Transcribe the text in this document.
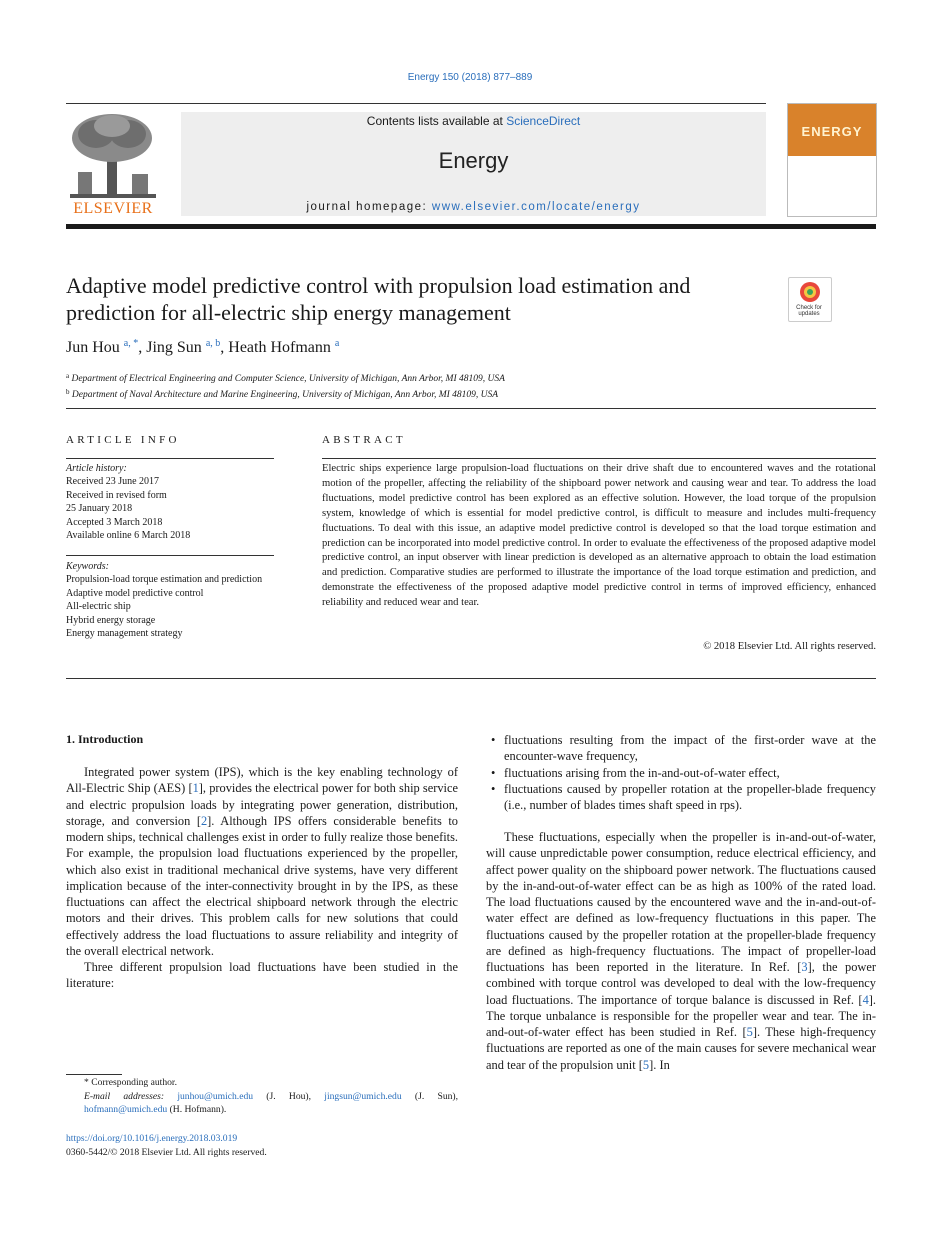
Energy 150 (2018) 877–889
ELSEVIER
Contents lists available at ScienceDirect
Energy
journal homepage: www.elsevier.com/locate/energy
ENERGY
Adaptive model predictive control with propulsion load estimation and prediction for all-electric ship energy management	Check for updates
Jun Hou $^{a, *}$, Jing Sun $^{a, b}$, Heath Hofmann $^a$
$^a$ Department of Electrical Engineering and Computer Science, University of Michigan, Ann Arbor, MI 48109, USA
$^b$ Department of Naval Architecture and Marine Engineering, University of Michigan, Ann Arbor, MI 48109, USA
ARTICLE INFO	ABSTRACT
Article history:
Received 23 June 2017
Received in revised form
25 January 2018
Accepted 3 March 2018
Available online 6 March 2018
Keywords:
Propulsion-load torque estimation and prediction
Adaptive model predictive control
All-electric ship
Hybrid energy storage
Energy management strategy
Electric ships experience large propulsion-load fluctuations on their drive shaft due to encountered waves and the rotational motion of the propeller, affecting the reliability of the shipboard power network and causing wear and tear. To address the load fluctuations, model predictive control has been explored as an effective solution. However, the load torque of the propulsion system, knowledge of which is essential for model predictive control, is difficult to measure and includes multi-frequency fluctuations. To deal with this issue, an adaptive model predictive control is developed so that the load torque estimation and prediction can be incorporated into model predictive control. In order to evaluate the effectiveness of the proposed adaptive model predictive control, an input observer with linear prediction is developed as an alternative approach to obtain the load estimation and prediction. Comparative studies are performed to illustrate the importance of the load torque estimation and prediction, and demonstrate the effectiveness of the proposed adaptive model predictive control in terms of improved efficiency, enhanced reliability and reduced wear and tear.
© 2018 Elsevier Ltd. All rights reserved.
1. Introduction

Integrated power system (IPS), which is the key enabling technology of All-Electric Ship (AES) [1], provides the electrical power for both ship service and electric propulsion loads by integrating power generation, distribution, storage, and conversion [2]. Although IPS offers considerable benefits to modern ships, technical challenges exist in order to fully realize those benefits. For example, the propulsion load fluctuations experienced by the propeller, which also exist in traditional mechanical drive systems, have very different implication because of the inter-connectivity brought in by the IPS, as these fluctuations can affect the electrical shipboard network through the electric motors and their drives. This problem calls for new solutions that could effectively address the load fluctuations to assure reliability and integrity of the overall electrical network.

Three different propulsion load fluctuations have been studied in the literature:

• fluctuations resulting from the impact of the first-order wave at the encounter-wave frequency,
• fluctuations arising from the in-and-out-of-water effect,
• fluctuations caused by propeller rotation at the propeller-blade frequency (i.e., number of blades times shaft speed in rps).

These fluctuations, especially when the propeller is in-and-out-of-water, will cause unpredictable power consumption, reduce electrical efficiency, and affect power quality on the shipboard power network. The fluctuations caused by the in-and-out-of-water effect can be as high as 100% of the rated load. The load fluctuations caused by the encountered wave and the in-and-out-of-water effect are defined as low-frequency fluctuations in this paper. The fluctuations caused by the propeller rotation at the propeller-blade frequency are defined as high-frequency fluctuations. The impact of propeller-load fluctuations has been reported in the literature. In Ref. [3], the power combined with torque control was developed to deal with the low-frequency load fluctuations. The importance of torque balance is discussed in Ref. [4]. The torque unbalance is responsible for the propeller wear and tear. The in-and-out-of-water effect has been studied in Ref. [5]. These high-frequency fluctuations are reported as one of the main causes for severe mechanical wear and tear of the propulsion unit [5]. In

* Corresponding author.
E-mail addresses: junhou@umich.edu (J. Hou), jingsun@umich.edu (J. Sun), hofmann@umich.edu (H. Hofmann).
https://doi.org/10.1016/j.energy.2018.03.019
0360-5442/© 2018 Elsevier Ltd. All rights reserved.
